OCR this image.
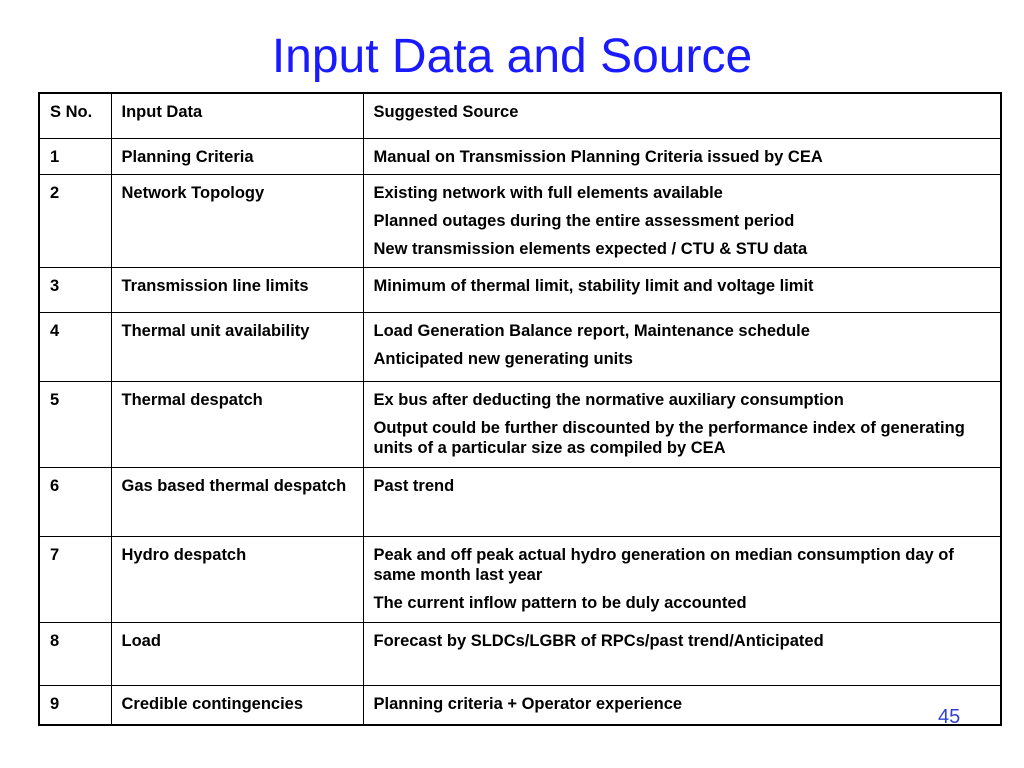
Input Data and Source
S No.	Input Data	Suggested Source
1	Planning Criteria	Manual on Transmission Planning Criteria issued by CEA

2	Network Topology	Existing network with full elements available
Planned outages during the entire assessment period
New transmission elements expected / CTU & STU data

3	Transmission line limits	Minimum of thermal limit, stability limit and voltage limit

4	Thermal unit availability	Load Generation Balance report, Maintenance schedule
Anticipated new generating units

5	Thermal despatch	Ex bus after deducting the normative auxiliary consumption
Output could be further discounted by the performance index of generating units of a particular size as compiled by CEA

6	Gas based thermal despatch	Past trend

7	Hydro despatch	Peak and off peak actual hydro generation on median consumption day of same month last year
The current inflow pattern to be duly accounted

8	Load	Forecast by SLDCs/LGBR of RPCs/past trend/Anticipated

9	Credible contingencies	Planning criteria + Operator experience
45
